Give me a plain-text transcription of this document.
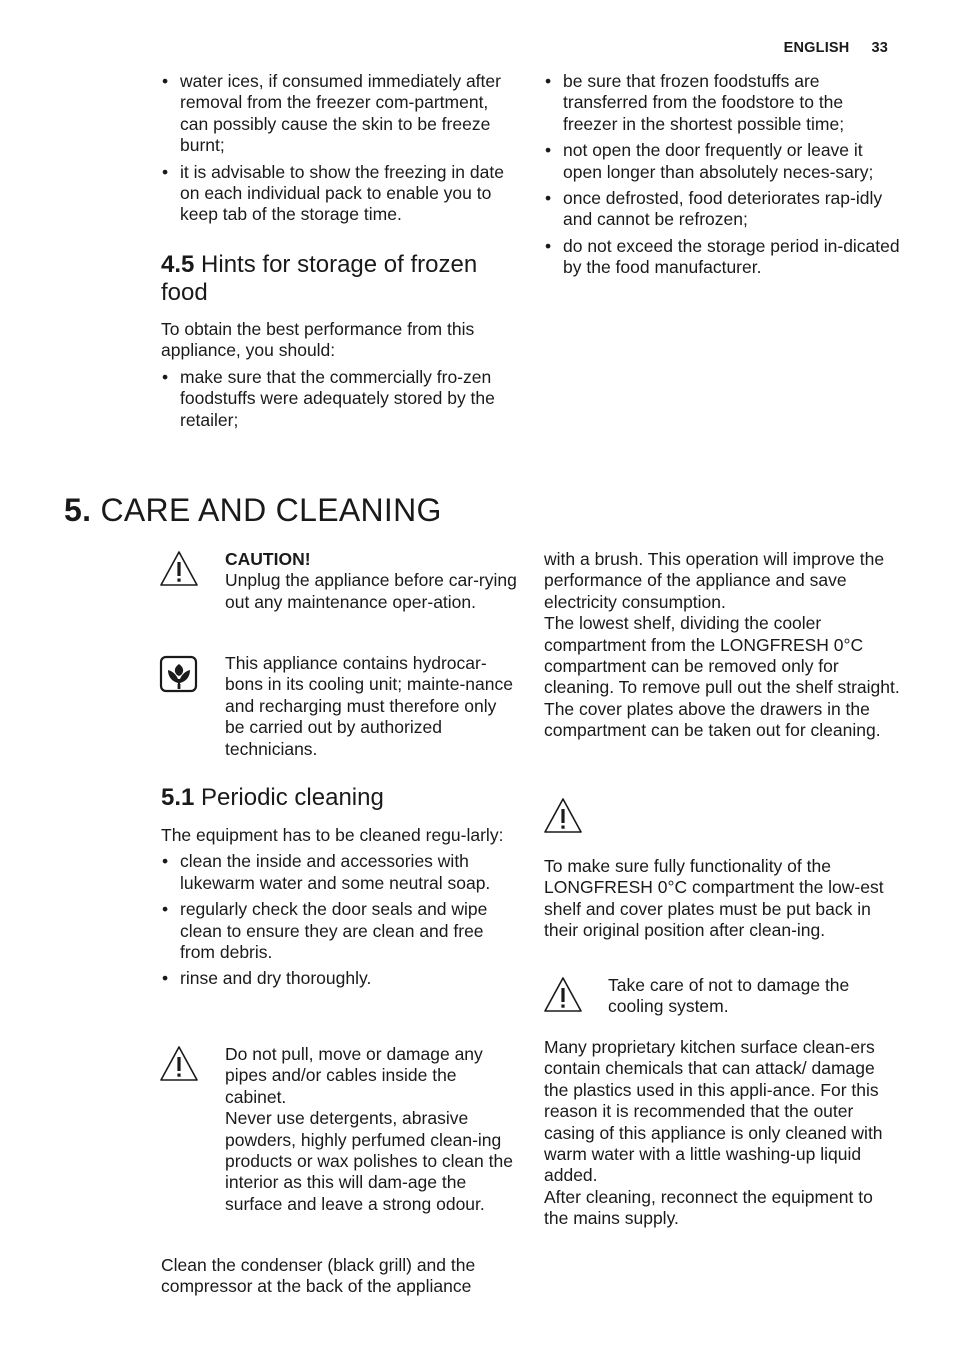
ENGLISH 33
• water ices, if consumed immediately after removal from the freezer com-partment, can possibly cause the skin to be freeze burnt;
• it is advisable to show the freezing in date on each individual pack to enable you to keep tab of the storage time.
4.5 Hints for storage of frozen food

To obtain the best performance from this appliance, you should:

• make sure that the commercially fro-zen foodstuffs were adequately stored by the retailer;
• be sure that frozen foodstuffs are transferred from the foodstore to the freezer in the shortest possible time;
• not open the door frequently or leave it open longer than absolutely neces-sary;
• once defrosted, food deteriorates rap-idly and cannot be refrozen;
• do not exceed the storage period in-dicated by the food manufacturer.
5. CARE AND CLEANING

CAUTION!

Unplug the appliance before car-rying out any maintenance oper-ation.

This appliance contains hydrocar-bons in its cooling unit; mainte-nance and recharging must therefore only be carried out by authorized technicians.

5.1 Periodic cleaning

The equipment has to be cleaned regu-larly:

• clean the inside and accessories with lukewarm water and some neutral soap.
• regularly check the door seals and wipe clean to ensure they are clean and free from debris.
• rinse and dry thoroughly.

Do not pull, move or damage any pipes and/or cables inside the cabinet.

Never use detergents, abrasive powders, highly perfumed clean-ing products or wax polishes to clean the interior as this will dam-age the surface and leave a strong odour.

Clean the condenser (black grill) and the compressor at the back of the appliance

with a brush. This operation will improve the performance of the appliance and save electricity consumption.

The lowest shelf, dividing the cooler compartment from the LONGFRESH 0°C compartment can be removed only for cleaning. To remove pull out the shelf straight.

The cover plates above the drawers in the compartment can be taken out for cleaning.

To make sure fully functionality of the LONGFRESH 0°C compartment the low-est shelf and cover plates must be put back in their original position after clean-ing.

Take care of not to damage the cooling system.

Many proprietary kitchen surface clean-ers contain chemicals that can attack/ damage the plastics used in this appli-ance. For this reason it is recommended that the outer casing of this appliance is only cleaned with warm water with a little washing-up liquid added.

After cleaning, reconnect the equipment to the mains supply.
